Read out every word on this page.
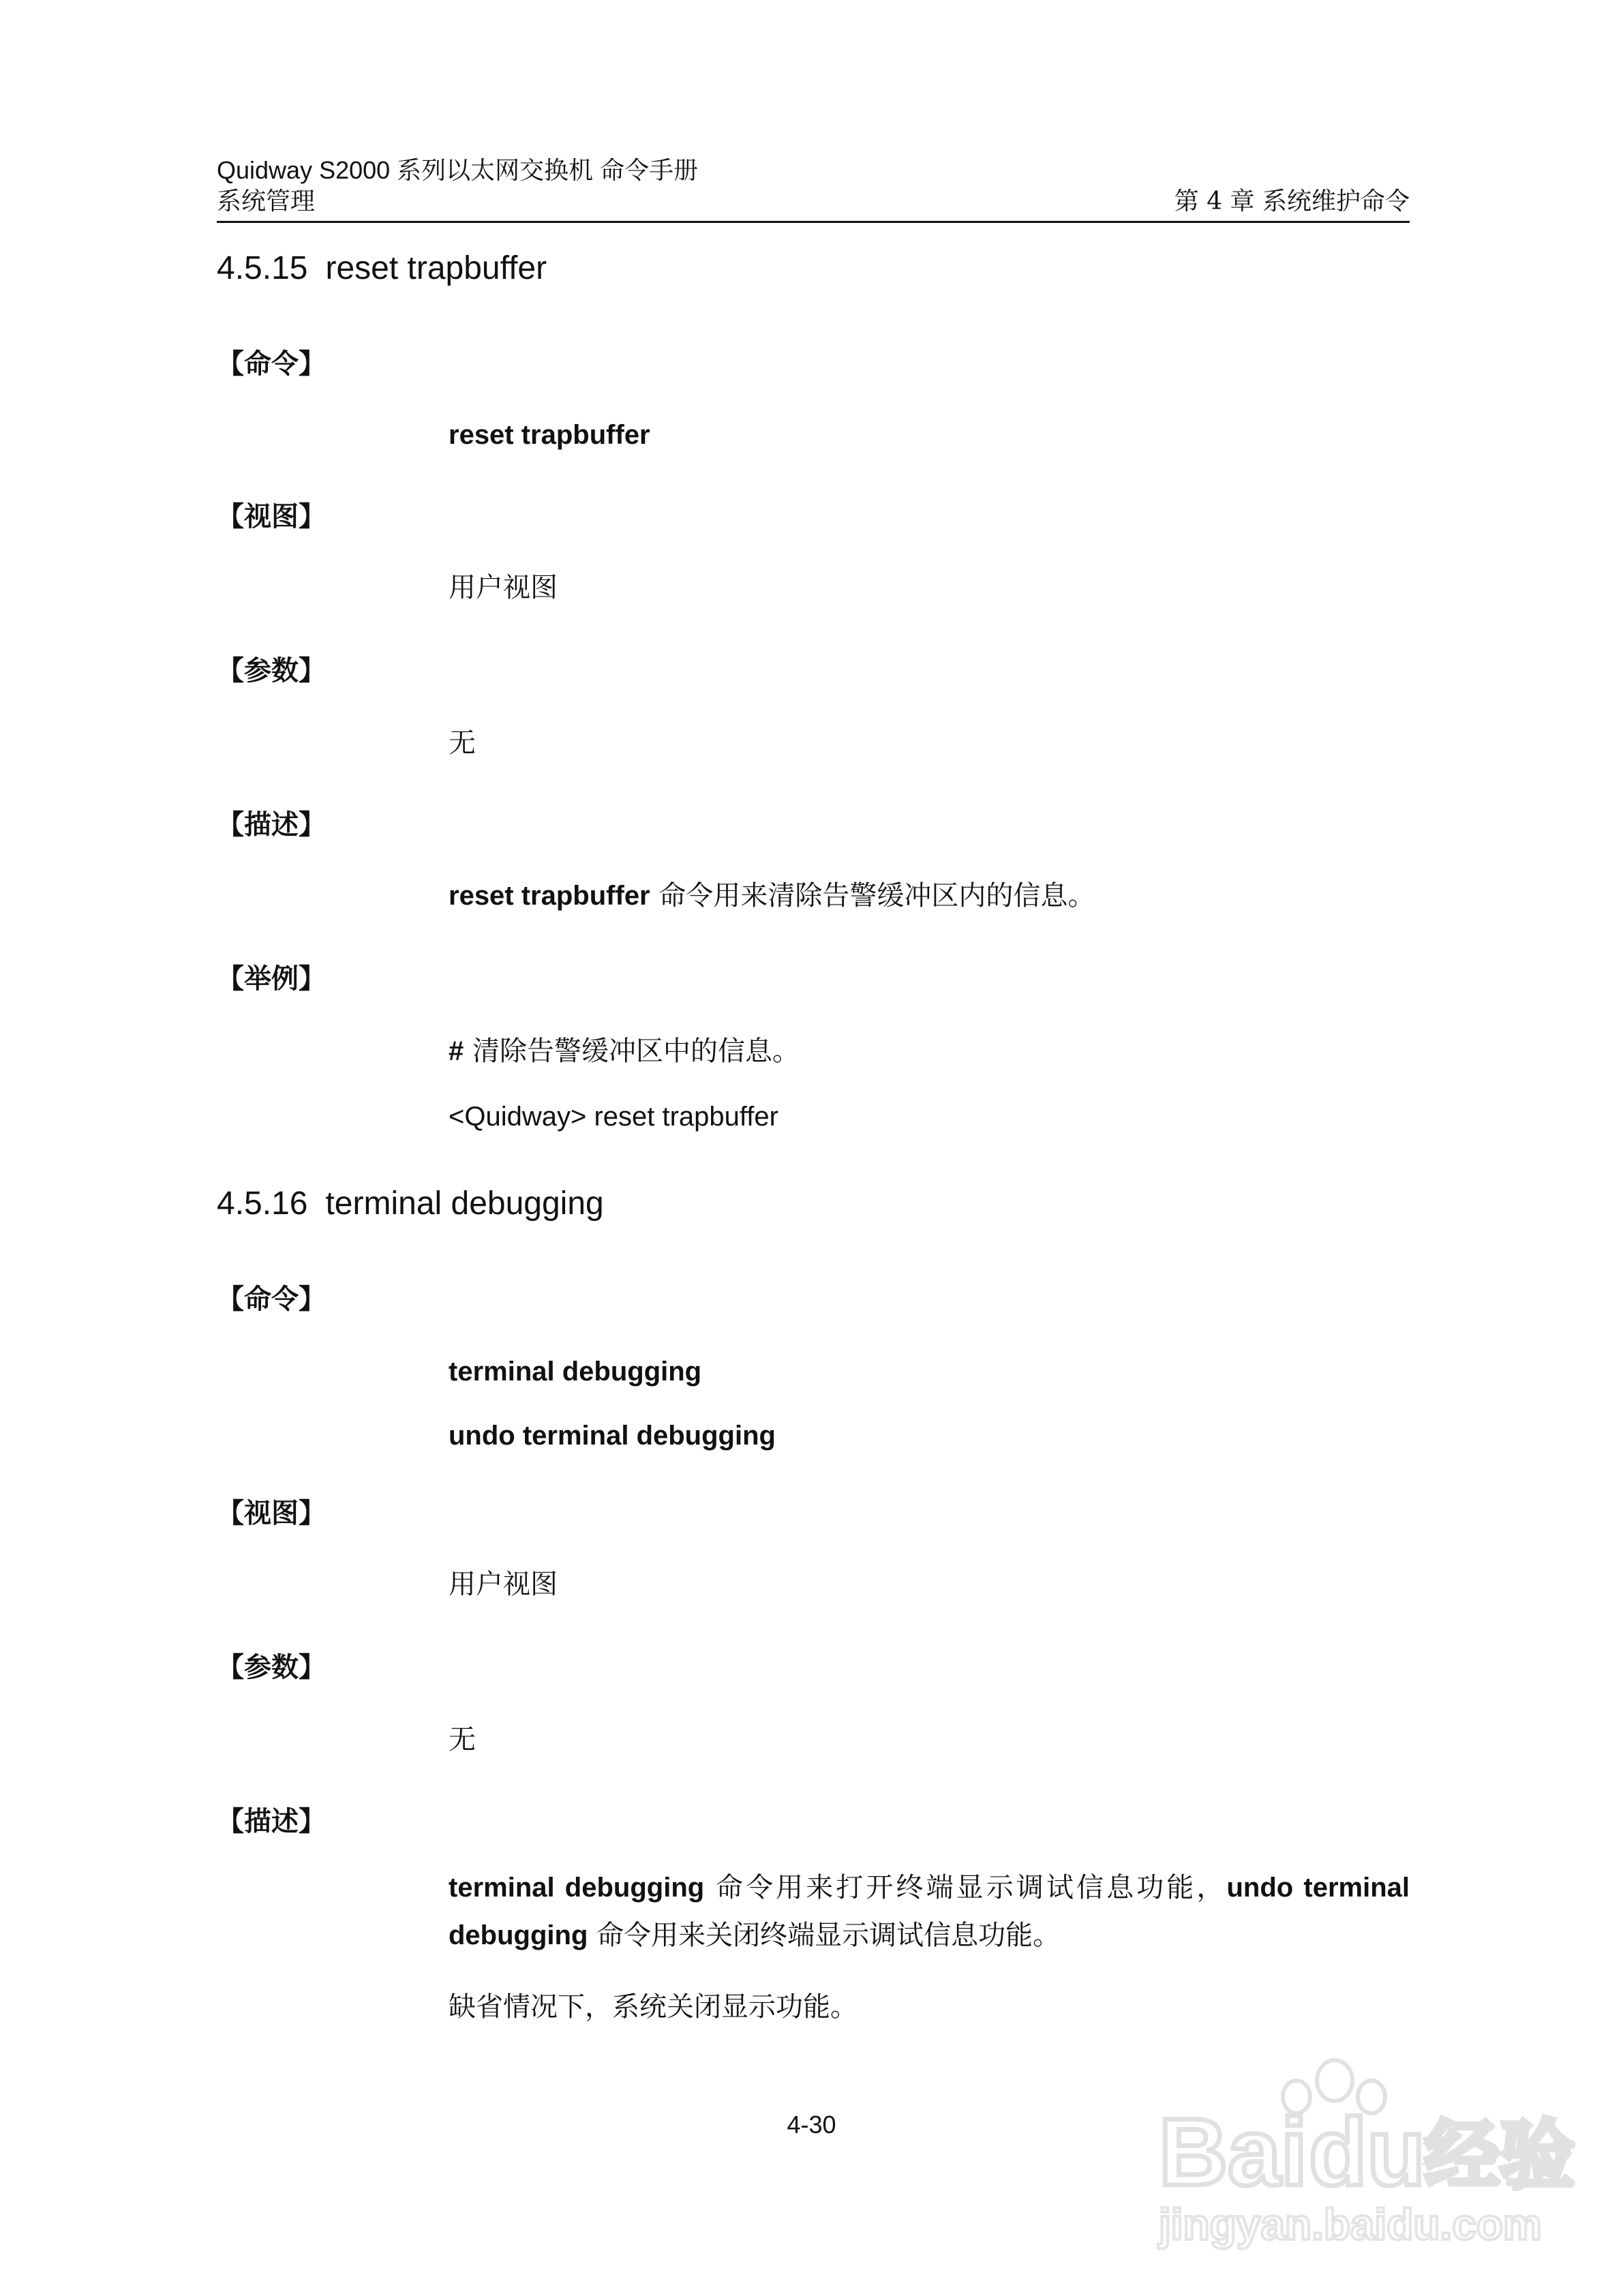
Quidway S2000 系列以太网交换机 命令手册
系统管理	第 4 章 系统维护命令
4.5.15 reset trapbuffer
【命令】
reset trapbuffer
【视图】
用户视图
【参数】
无
【描述】
reset trapbuffer 命令用来清除告警缓冲区内的信息。
【举例】
# 清除告警缓冲区中的信息。
<Quidway> reset trapbuffer
4.5.16 terminal debugging
【命令】
terminal debugging
undo terminal debugging
【视图】
用户视图
【参数】
无
【描述】
terminal debugging 命令用来打开终端显示调试信息功能，undo terminal debugging 命令用来关闭终端显示调试信息功能。
缺省情况下，系统关闭显示功能。
4-30	Bai du
经验
jingyan.baidu.com
